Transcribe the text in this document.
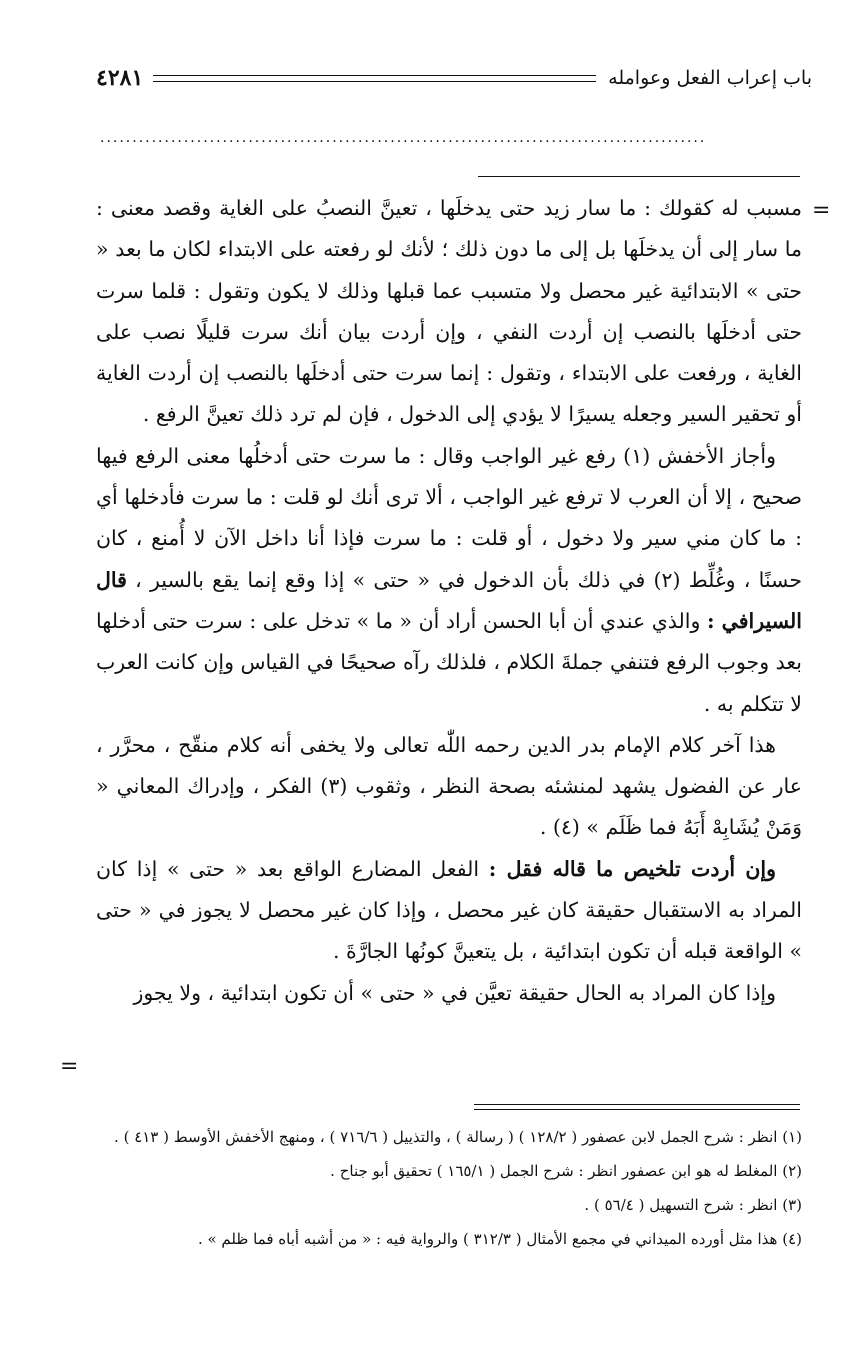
باب إعراب الفعل وعوامله
٤٢٨١
..............................................................................................
=

مسبب له كقولك : ما سار زيد حتى يدخلَها ، تعينَّ النصبُ على الغاية وقصد معنى : ما سار إلى أن يدخلَها بل إلى ما دون ذلك ؛ لأنك لو رفعته على الابتداء لكان ما بعد « حتى » الابتدائية غير محصل ولا متسبب عما قبلها وذلك لا يكون وتقول : قلما سرت حتى أدخلَها بالنصب إن أردت النفي ، وإن أردت بيان أنك سرت قليلًا نصب على الغاية ، ورفعت على الابتداء ، وتقول : إنما سرت حتى أدخلَها بالنصب إن أردت الغاية أو تحقير السير وجعله يسيرًا لا يؤدي إلى الدخول ، فإن لم ترد ذلك تعينَّ الرفع .

وأجاز الأخفش (١) رفع غير الواجب وقال : ما سرت حتى أدخلُها معنى الرفع فيها صحيح ، إلا أن العرب لا ترفع غير الواجب ، ألا ترى أنك لو قلت : ما سرت فأدخلها أي : ما كان مني سير ولا دخول ، أو قلت : ما سرت فإذا أنا داخل الآن لا أُمنع ، كان حسنًا ، وغُلِّط (٢) في ذلك بأن الدخول في « حتى » إذا وقع إنما يقع بالسير ، قال السيرافي : والذي عندي أن أبا الحسن أراد أن « ما » تدخل على : سرت حتى أدخلها بعد وجوب الرفع فتنفي جملةَ الكلام ، فلذلك رآه صحيحًا في القياس وإن كانت العرب لا تتكلم به .

هذا آخر كلام الإمام بدر الدين رحمه اللّٰه تعالى ولا يخفى أنه كلام منقّح ، محرَّر ، عار عن الفضول يشهد لمنشئه بصحة النظر ، وثقوب (٣) الفكر ، وإدراك المعاني « وَمَنْ يُشَابِهْ أَبَهُ فما ظَلَم » (٤) .

وإن أردت تلخيص ما قاله فقل : الفعل المضارع الواقع بعد « حتى » إذا كان المراد به الاستقبال حقيقة كان غير محصل ، وإذا كان غير محصل لا يجوز في « حتى » الواقعة قبله أن تكون ابتدائية ، بل يتعينَّ كونُها الجارَّةَ .

وإذا كان المراد به الحال حقيقة تعيَّن في « حتى » أن تكون ابتدائية ، ولا يجوز

=

(١) انظر : شرح الجمل لابن عصفور ( ١٢٨/٢ ) ( رسالة ) ، والتذييل ( ٧١٦/٦ ) ، ومنهج الأخفش الأوسط ( ٤١٣ ) .

(٢) المغلط له هو ابن عصفور انظر : شرح الجمل ( ١٦٥/١ ) تحقيق أبو جناح .

(٣) انظر : شرح التسهيل ( ٥٦/٤ ) .

(٤) هذا مثل أورده الميداني في مجمع الأمثال ( ٣١٢/٣ ) والرواية فيه : « من أشبه أباه فما ظلم » .
